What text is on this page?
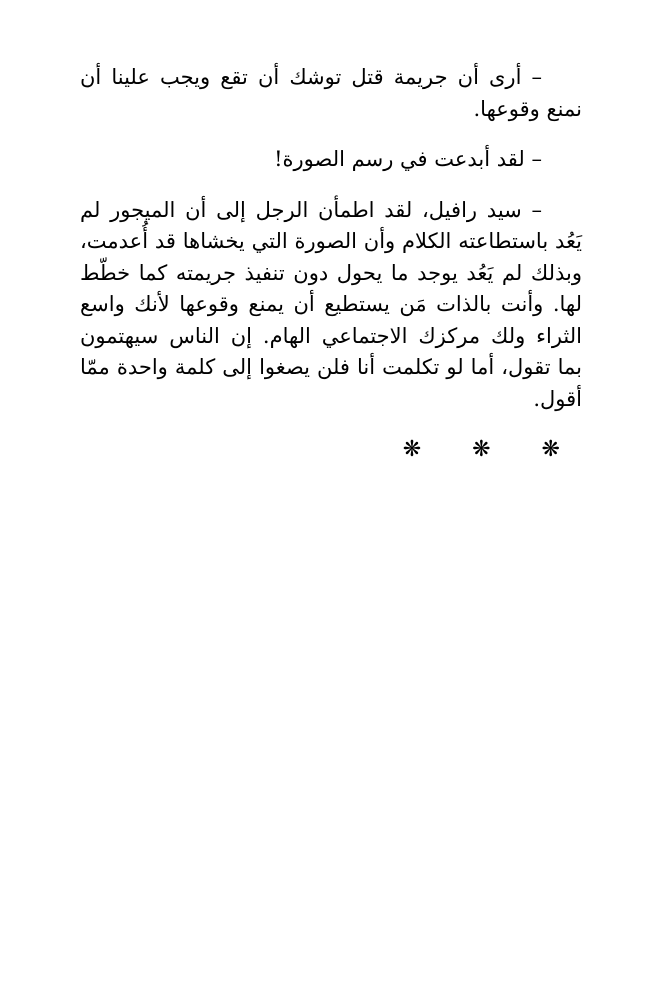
– أرى أن جريمة قتل توشك أن تقع ويجب علينا أن نمنع وقوعها.

– لقد أبدعت في رسم الصورة!

– سيد رافيل، لقد اطمأن الرجل إلى أن الميجور لم يَعُد باستطاعته الكلام وأن الصورة التي يخشاها قد أُعدمت، وبذلك لم يَعُد يوجد ما يحول دون تنفيذ جريمته كما خطّط لها. وأنت بالذات مَن يستطيع أن يمنع وقوعها لأنك واسع الثراء ولك مركزك الاجتماعي الهام. إن الناس سيهتمون بما تقول، أما لو تكلمت أنا فلن يصغوا إلى كلمة واحدة ممّا أقول.

❋ ❋ ❋
